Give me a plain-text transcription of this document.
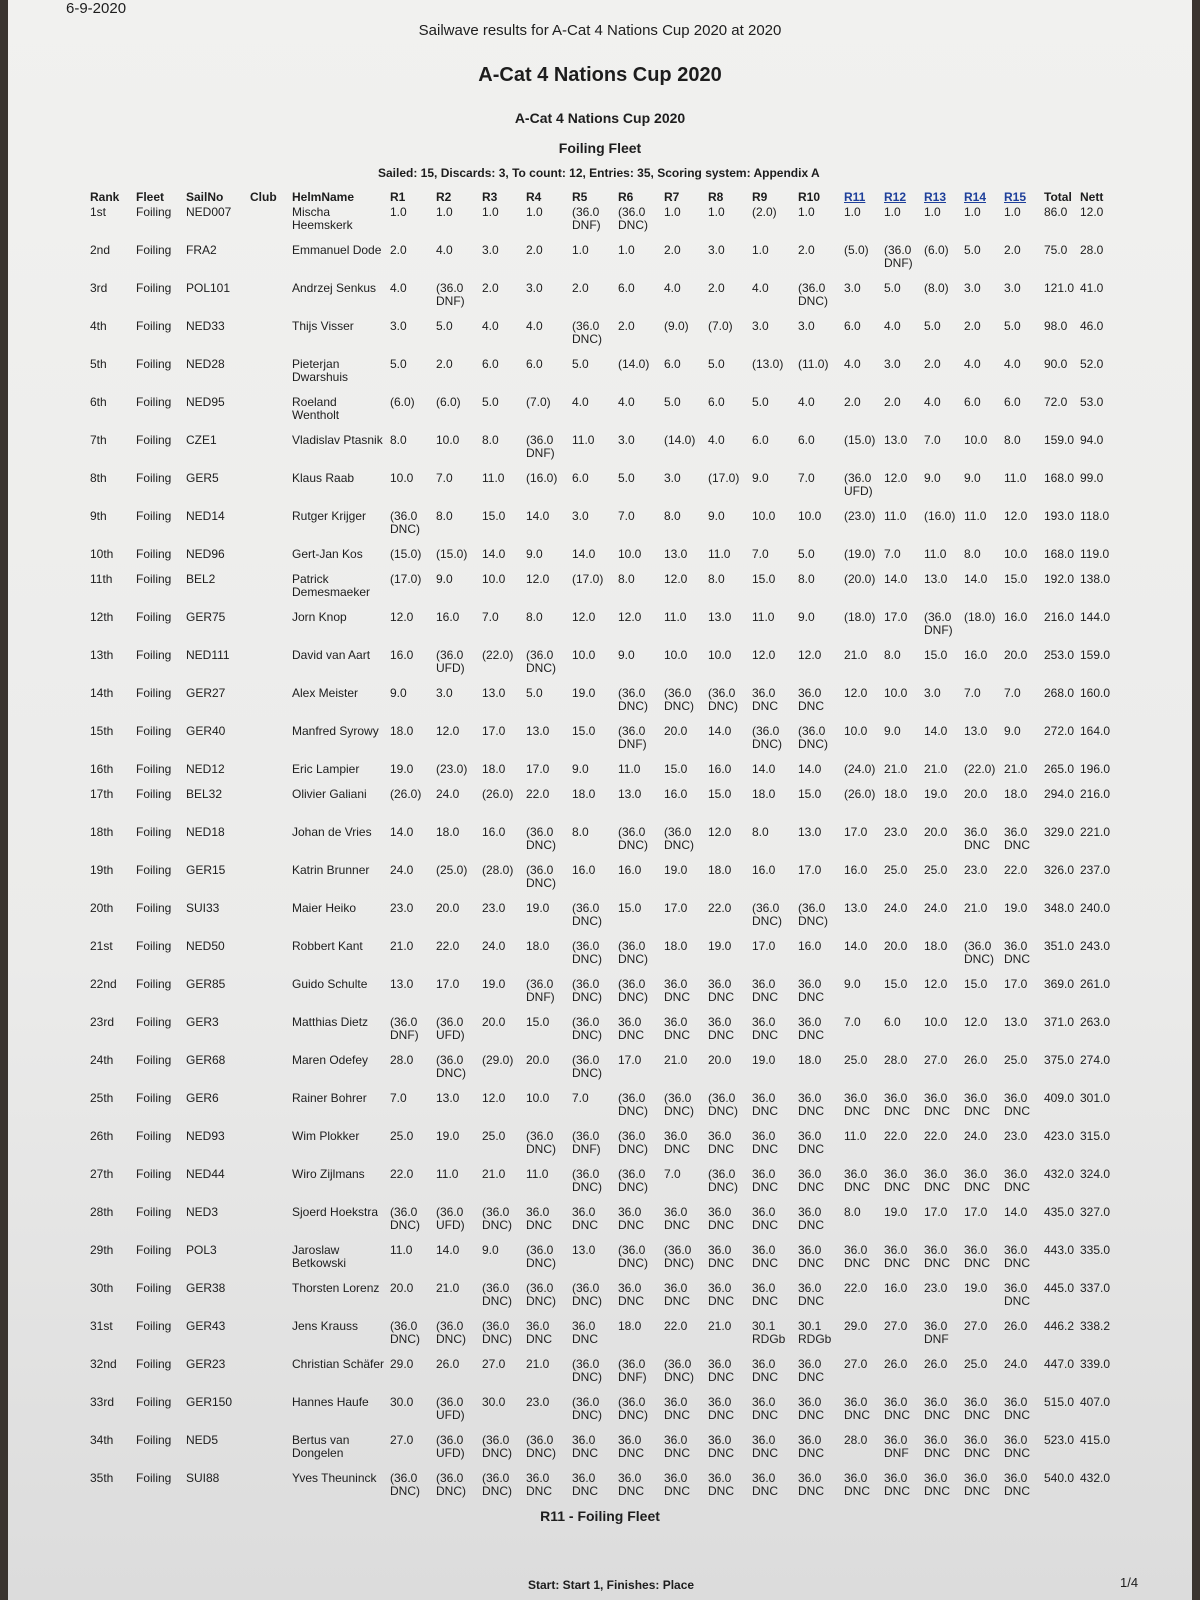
6-9-2020
Sailwave results for A-Cat 4 Nations Cup 2020 at 2020
A-Cat 4 Nations Cup 2020
A-Cat 4 Nations Cup 2020
Foiling Fleet
Sailed: 15, Discards: 3, To count: 12, Entries: 35, Scoring system: Appendix A
Rank	Fleet	SailNo	Club	HelmName	R1	R2	R3	R4	R5	R6	R7	R8	R9	R10	R11	R12	R13	R14	R15	Total	Nett
1st	Foiling	NED007		Mischa Heemskerk	1.0	1.0	1.0	1.0	(36.0 DNF)	(36.0 DNC)	1.0	1.0	(2.0)	1.0	1.0	1.0	1.0	1.0	1.0	86.0	12.0
2nd	Foiling	FRA2		Emmanuel Dode	2.0	4.0	3.0	2.0	1.0	1.0	2.0	3.0	1.0	2.0	(5.0)	(36.0 DNF)	(6.0)	5.0	2.0	75.0	28.0
3rd	Foiling	POL101		Andrzej Senkus	4.0	(36.0 DNF)	2.0	3.0	2.0	6.0	4.0	2.0	4.0	(36.0 DNC)	3.0	5.0	(8.0)	3.0	3.0	121.0	41.0
4th	Foiling	NED33		Thijs Visser	3.0	5.0	4.0	4.0	(36.0 DNC)	2.0	(9.0)	(7.0)	3.0	3.0	6.0	4.0	5.0	2.0	5.0	98.0	46.0
5th	Foiling	NED28		Pieterjan Dwarshuis	5.0	2.0	6.0	6.0	5.0	(14.0)	6.0	5.0	(13.0)	(11.0)	4.0	3.0	2.0	4.0	4.0	90.0	52.0
6th	Foiling	NED95		Roeland Wentholt	(6.0)	(6.0)	5.0	(7.0)	4.0	4.0	5.0	6.0	5.0	4.0	2.0	2.0	4.0	6.0	6.0	72.0	53.0
7th	Foiling	CZE1		Vladislav Ptasnik	8.0	10.0	8.0	(36.0 DNF)	11.0	3.0	(14.0)	4.0	6.0	6.0	(15.0)	13.0	7.0	10.0	8.0	159.0	94.0
8th	Foiling	GER5		Klaus Raab	10.0	7.0	11.0	(16.0)	6.0	5.0	3.0	(17.0)	9.0	7.0	(36.0 UFD)	12.0	9.0	9.0	11.0	168.0	99.0
9th	Foiling	NED14		Rutger Krijger	(36.0 DNC)	8.0	15.0	14.0	3.0	7.0	8.0	9.0	10.0	10.0	(23.0)	11.0	(16.0)	11.0	12.0	193.0	118.0
10th	Foiling	NED96		Gert-Jan Kos	(15.0)	(15.0)	14.0	9.0	14.0	10.0	13.0	11.0	7.0	5.0	(19.0)	7.0	11.0	8.0	10.0	168.0	119.0
11th	Foiling	BEL2		Patrick Demesmaeker	(17.0)	9.0	10.0	12.0	(17.0)	8.0	12.0	8.0	15.0	8.0	(20.0)	14.0	13.0	14.0	15.0	192.0	138.0
12th	Foiling	GER75		Jorn Knop	12.0	16.0	7.0	8.0	12.0	12.0	11.0	13.0	11.0	9.0	(18.0)	17.0	(36.0 DNF)	(18.0)	16.0	216.0	144.0
13th	Foiling	NED111		David van Aart	16.0	(36.0 UFD)	(22.0)	(36.0 DNC)	10.0	9.0	10.0	10.0	12.0	12.0	21.0	8.0	15.0	16.0	20.0	253.0	159.0
14th	Foiling	GER27		Alex Meister	9.0	3.0	13.0	5.0	19.0	(36.0 DNC)	(36.0 DNC)	(36.0 DNC)	36.0 DNC	36.0 DNC	12.0	10.0	3.0	7.0	7.0	268.0	160.0
15th	Foiling	GER40		Manfred Syrowy	18.0	12.0	17.0	13.0	15.0	(36.0 DNF)	20.0	14.0	(36.0 DNC)	(36.0 DNC)	10.0	9.0	14.0	13.0	9.0	272.0	164.0
16th	Foiling	NED12		Eric Lampier	19.0	(23.0)	18.0	17.0	9.0	11.0	15.0	16.0	14.0	14.0	(24.0)	21.0	21.0	(22.0)	21.0	265.0	196.0
17th	Foiling	BEL32		Olivier Galiani	(26.0)	24.0	(26.0)	22.0	18.0	13.0	16.0	15.0	18.0	15.0	(26.0)	18.0	19.0	20.0	18.0	294.0	216.0
18th	Foiling	NED18		Johan de Vries	14.0	18.0	16.0	(36.0 DNC)	8.0	(36.0 DNC)	(36.0 DNC)	12.0	8.0	13.0	17.0	23.0	20.0	36.0 DNC	36.0 DNC	329.0	221.0
19th	Foiling	GER15		Katrin Brunner	24.0	(25.0)	(28.0)	(36.0 DNC)	16.0	16.0	19.0	18.0	16.0	17.0	16.0	25.0	25.0	23.0	22.0	326.0	237.0
20th	Foiling	SUI33		Maier Heiko	23.0	20.0	23.0	19.0	(36.0 DNC)	15.0	17.0	22.0	(36.0 DNC)	(36.0 DNC)	13.0	24.0	24.0	21.0	19.0	348.0	240.0
21st	Foiling	NED50		Robbert Kant	21.0	22.0	24.0	18.0	(36.0 DNC)	(36.0 DNC)	18.0	19.0	17.0	16.0	14.0	20.0	18.0	(36.0 DNC)	36.0 DNC	351.0	243.0
22nd	Foiling	GER85		Guido Schulte	13.0	17.0	19.0	(36.0 DNF)	(36.0 DNC)	(36.0 DNC)	36.0 DNC	36.0 DNC	36.0 DNC	36.0 DNC	9.0	15.0	12.0	15.0	17.0	369.0	261.0
23rd	Foiling	GER3		Matthias Dietz	(36.0 DNF)	(36.0 UFD)	20.0	15.0	(36.0 DNC)	36.0 DNC	36.0 DNC	36.0 DNC	36.0 DNC	36.0 DNC	7.0	6.0	10.0	12.0	13.0	371.0	263.0
24th	Foiling	GER68		Maren Odefey	28.0	(36.0 DNC)	(29.0)	20.0	(36.0 DNC)	17.0	21.0	20.0	19.0	18.0	25.0	28.0	27.0	26.0	25.0	375.0	274.0
25th	Foiling	GER6		Rainer Bohrer	7.0	13.0	12.0	10.0	7.0	(36.0 DNC)	(36.0 DNC)	(36.0 DNC)	36.0 DNC	36.0 DNC	36.0 DNC	36.0 DNC	36.0 DNC	36.0 DNC	36.0 DNC	409.0	301.0
26th	Foiling	NED93		Wim Plokker	25.0	19.0	25.0	(36.0 DNC)	(36.0 DNF)	(36.0 DNC)	36.0 DNC	36.0 DNC	36.0 DNC	36.0 DNC	11.0	22.0	22.0	24.0	23.0	423.0	315.0
27th	Foiling	NED44		Wiro Zijlmans	22.0	11.0	21.0	11.0	(36.0 DNC)	(36.0 DNC)	7.0	(36.0 DNC)	36.0 DNC	36.0 DNC	36.0 DNC	36.0 DNC	36.0 DNC	36.0 DNC	36.0 DNC	432.0	324.0
28th	Foiling	NED3		Sjoerd Hoekstra	(36.0 DNC)	(36.0 UFD)	(36.0 DNC)	36.0 DNC	36.0 DNC	36.0 DNC	36.0 DNC	36.0 DNC	36.0 DNC	36.0 DNC	8.0	19.0	17.0	17.0	14.0	435.0	327.0
29th	Foiling	POL3		Jaroslaw Betkowski	11.0	14.0	9.0	(36.0 DNC)	13.0	(36.0 DNC)	(36.0 DNC)	36.0 DNC	36.0 DNC	36.0 DNC	36.0 DNC	36.0 DNC	36.0 DNC	36.0 DNC	36.0 DNC	443.0	335.0
30th	Foiling	GER38		Thorsten Lorenz	20.0	21.0	(36.0 DNC)	(36.0 DNC)	(36.0 DNC)	36.0 DNC	36.0 DNC	36.0 DNC	36.0 DNC	36.0 DNC	22.0	16.0	23.0	19.0	36.0 DNC	445.0	337.0
31st	Foiling	GER43		Jens Krauss	(36.0 DNC)	(36.0 DNC)	(36.0 DNC)	36.0 DNC	36.0 DNC	18.0	22.0	21.0	30.1 RDGb	30.1 RDGb	29.0	27.0	36.0 DNF	27.0	26.0	446.2	338.2
32nd	Foiling	GER23		Christian Schäfer	29.0	26.0	27.0	21.0	(36.0 DNC)	(36.0 DNF)	(36.0 DNC)	36.0 DNC	36.0 DNC	36.0 DNC	27.0	26.0	26.0	25.0	24.0	447.0	339.0
33rd	Foiling	GER150		Hannes Haufe	30.0	(36.0 UFD)	30.0	23.0	(36.0 DNC)	(36.0 DNC)	36.0 DNC	36.0 DNC	36.0 DNC	36.0 DNC	36.0 DNC	36.0 DNC	36.0 DNC	36.0 DNC	36.0 DNC	515.0	407.0
34th	Foiling	NED5		Bertus van Dongelen	27.0	(36.0 UFD)	(36.0 DNC)	(36.0 DNC)	36.0 DNC	36.0 DNC	36.0 DNC	36.0 DNC	36.0 DNC	36.0 DNC	28.0	36.0 DNF	36.0 DNC	36.0 DNC	36.0 DNC	523.0	415.0
35th	Foiling	SUI88		Yves Theuninck	(36.0 DNC)	(36.0 DNC)	(36.0 DNC)	36.0 DNC	36.0 DNC	36.0 DNC	36.0 DNC	36.0 DNC	36.0 DNC	36.0 DNC	36.0 DNC	36.0 DNC	36.0 DNC	36.0 DNC	36.0 DNC	540.0	432.0
R11 - Foiling Fleet
Start: Start 1, Finishes: Place	1/4
